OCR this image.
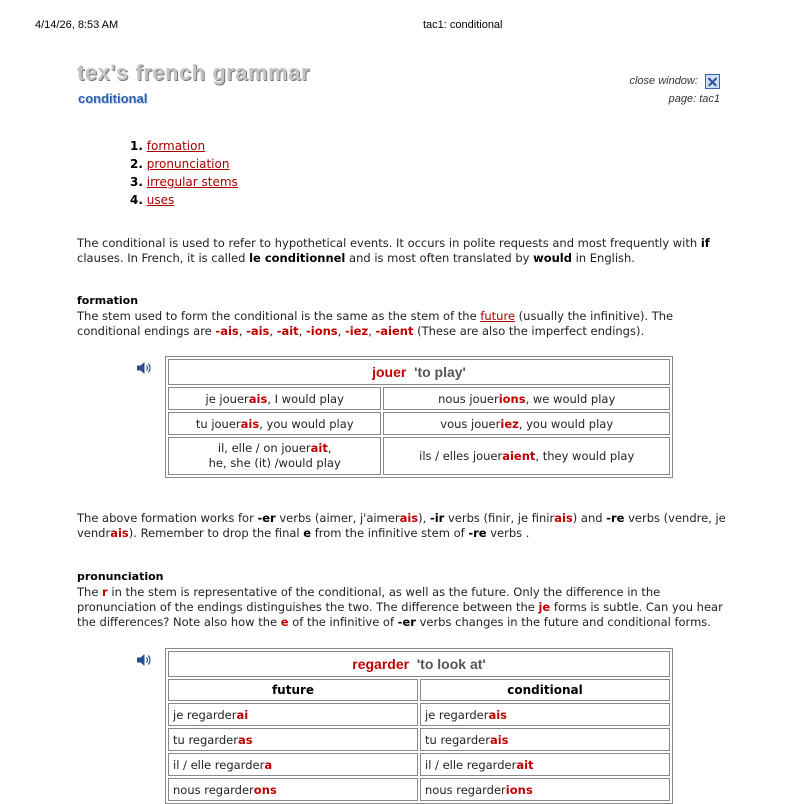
4/14/26, 8:53 AM	tac1: conditional
tex's french grammar
conditional
close window:
page: tac1
1. formation
2. pronunciation
3. irregular stems
4. uses
The conditional is used to refer to hypothetical events. It occurs in polite requests and most frequently with if clauses. In French, it is called le conditionnel and is most often translated by would in English.
formation
The stem used to form the conditional is the same as the stem of the future (usually the infinitive). The conditional endings are -ais, -ais, -ait, -ions, -iez, -aient (These are also the imperfect endings).
jouer 'to play'	
je jouerais, I would play	nous jouerions, we would play
tu jouerais, you would play	vous joueriez, you would play
il, elle / on jouerait,
he, she (it) /would play	ils / elles joueraient, they would play
The above formation works for -er verbs (aimer, j'aimerais), -ir verbs (finir, je finirais) and -re verbs (vendre, je vendrais). Remember to drop the final e from the infinitive stem of -re verbs .
pronunciation
The r in the stem is representative of the conditional, as well as the future. Only the difference in the pronunciation of the endings distinguishes the two. The difference between the je forms is subtle. Can you hear the differences? Note also how the e of the infinitive of -er verbs changes in the future and conditional forms.
regarder 'to look at'	
future	conditional
je regarderai	je regarderais
tu regarderas	tu regarderais
il / elle regardera	il / elle regarderait
nous regarderons	nous regarderions
